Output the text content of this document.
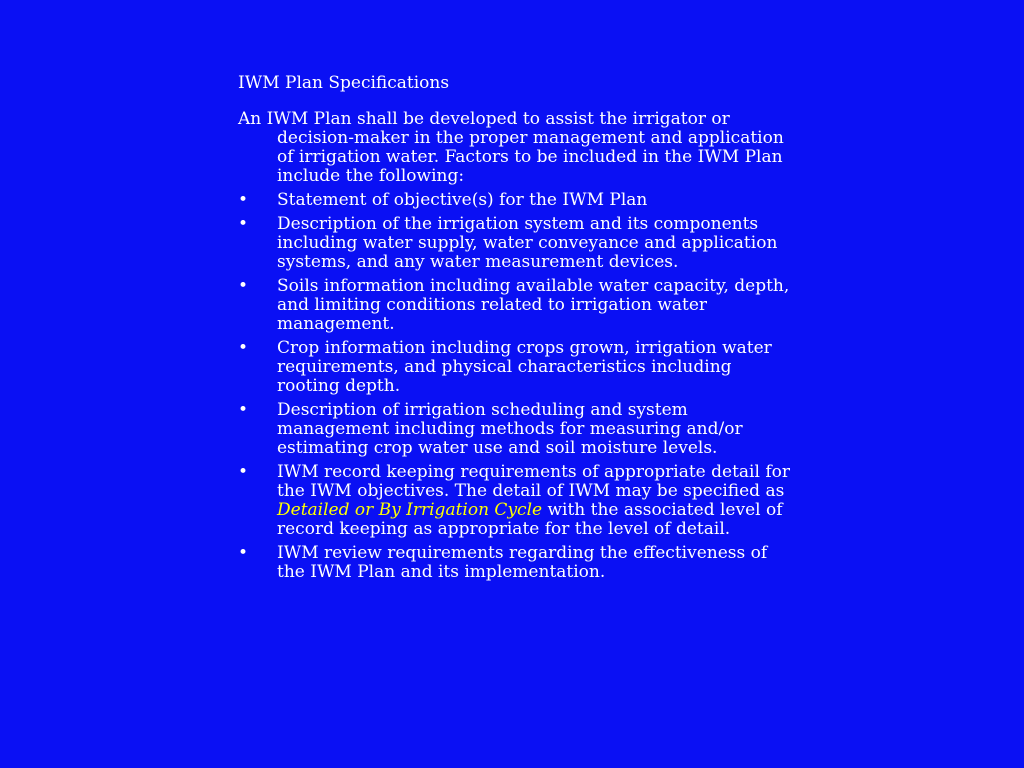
IWM Plan Specifications

An IWM Plan shall be developed to assist the irrigator or decision-maker in the proper management and application of irrigation water. Factors to be included in the IWM Plan include the following:

• Statement of objective(s) for the IWM Plan
• Description of the irrigation system and its components including water supply, water conveyance and application systems, and any water measurement devices.
• Soils information including available water capacity, depth, and limiting conditions related to irrigation water management.
• Crop information including crops grown, irrigation water requirements, and physical characteristics including rooting depth.
• Description of irrigation scheduling and system management including methods for measuring and/or estimating crop water use and soil moisture levels.
• IWM record keeping requirements of appropriate detail for the IWM objectives. The detail of IWM may be specified as Detailed or By Irrigation Cycle with the associated level of record keeping as appropriate for the level of detail.
• IWM review requirements regarding the effectiveness of the IWM Plan and its implementation.
